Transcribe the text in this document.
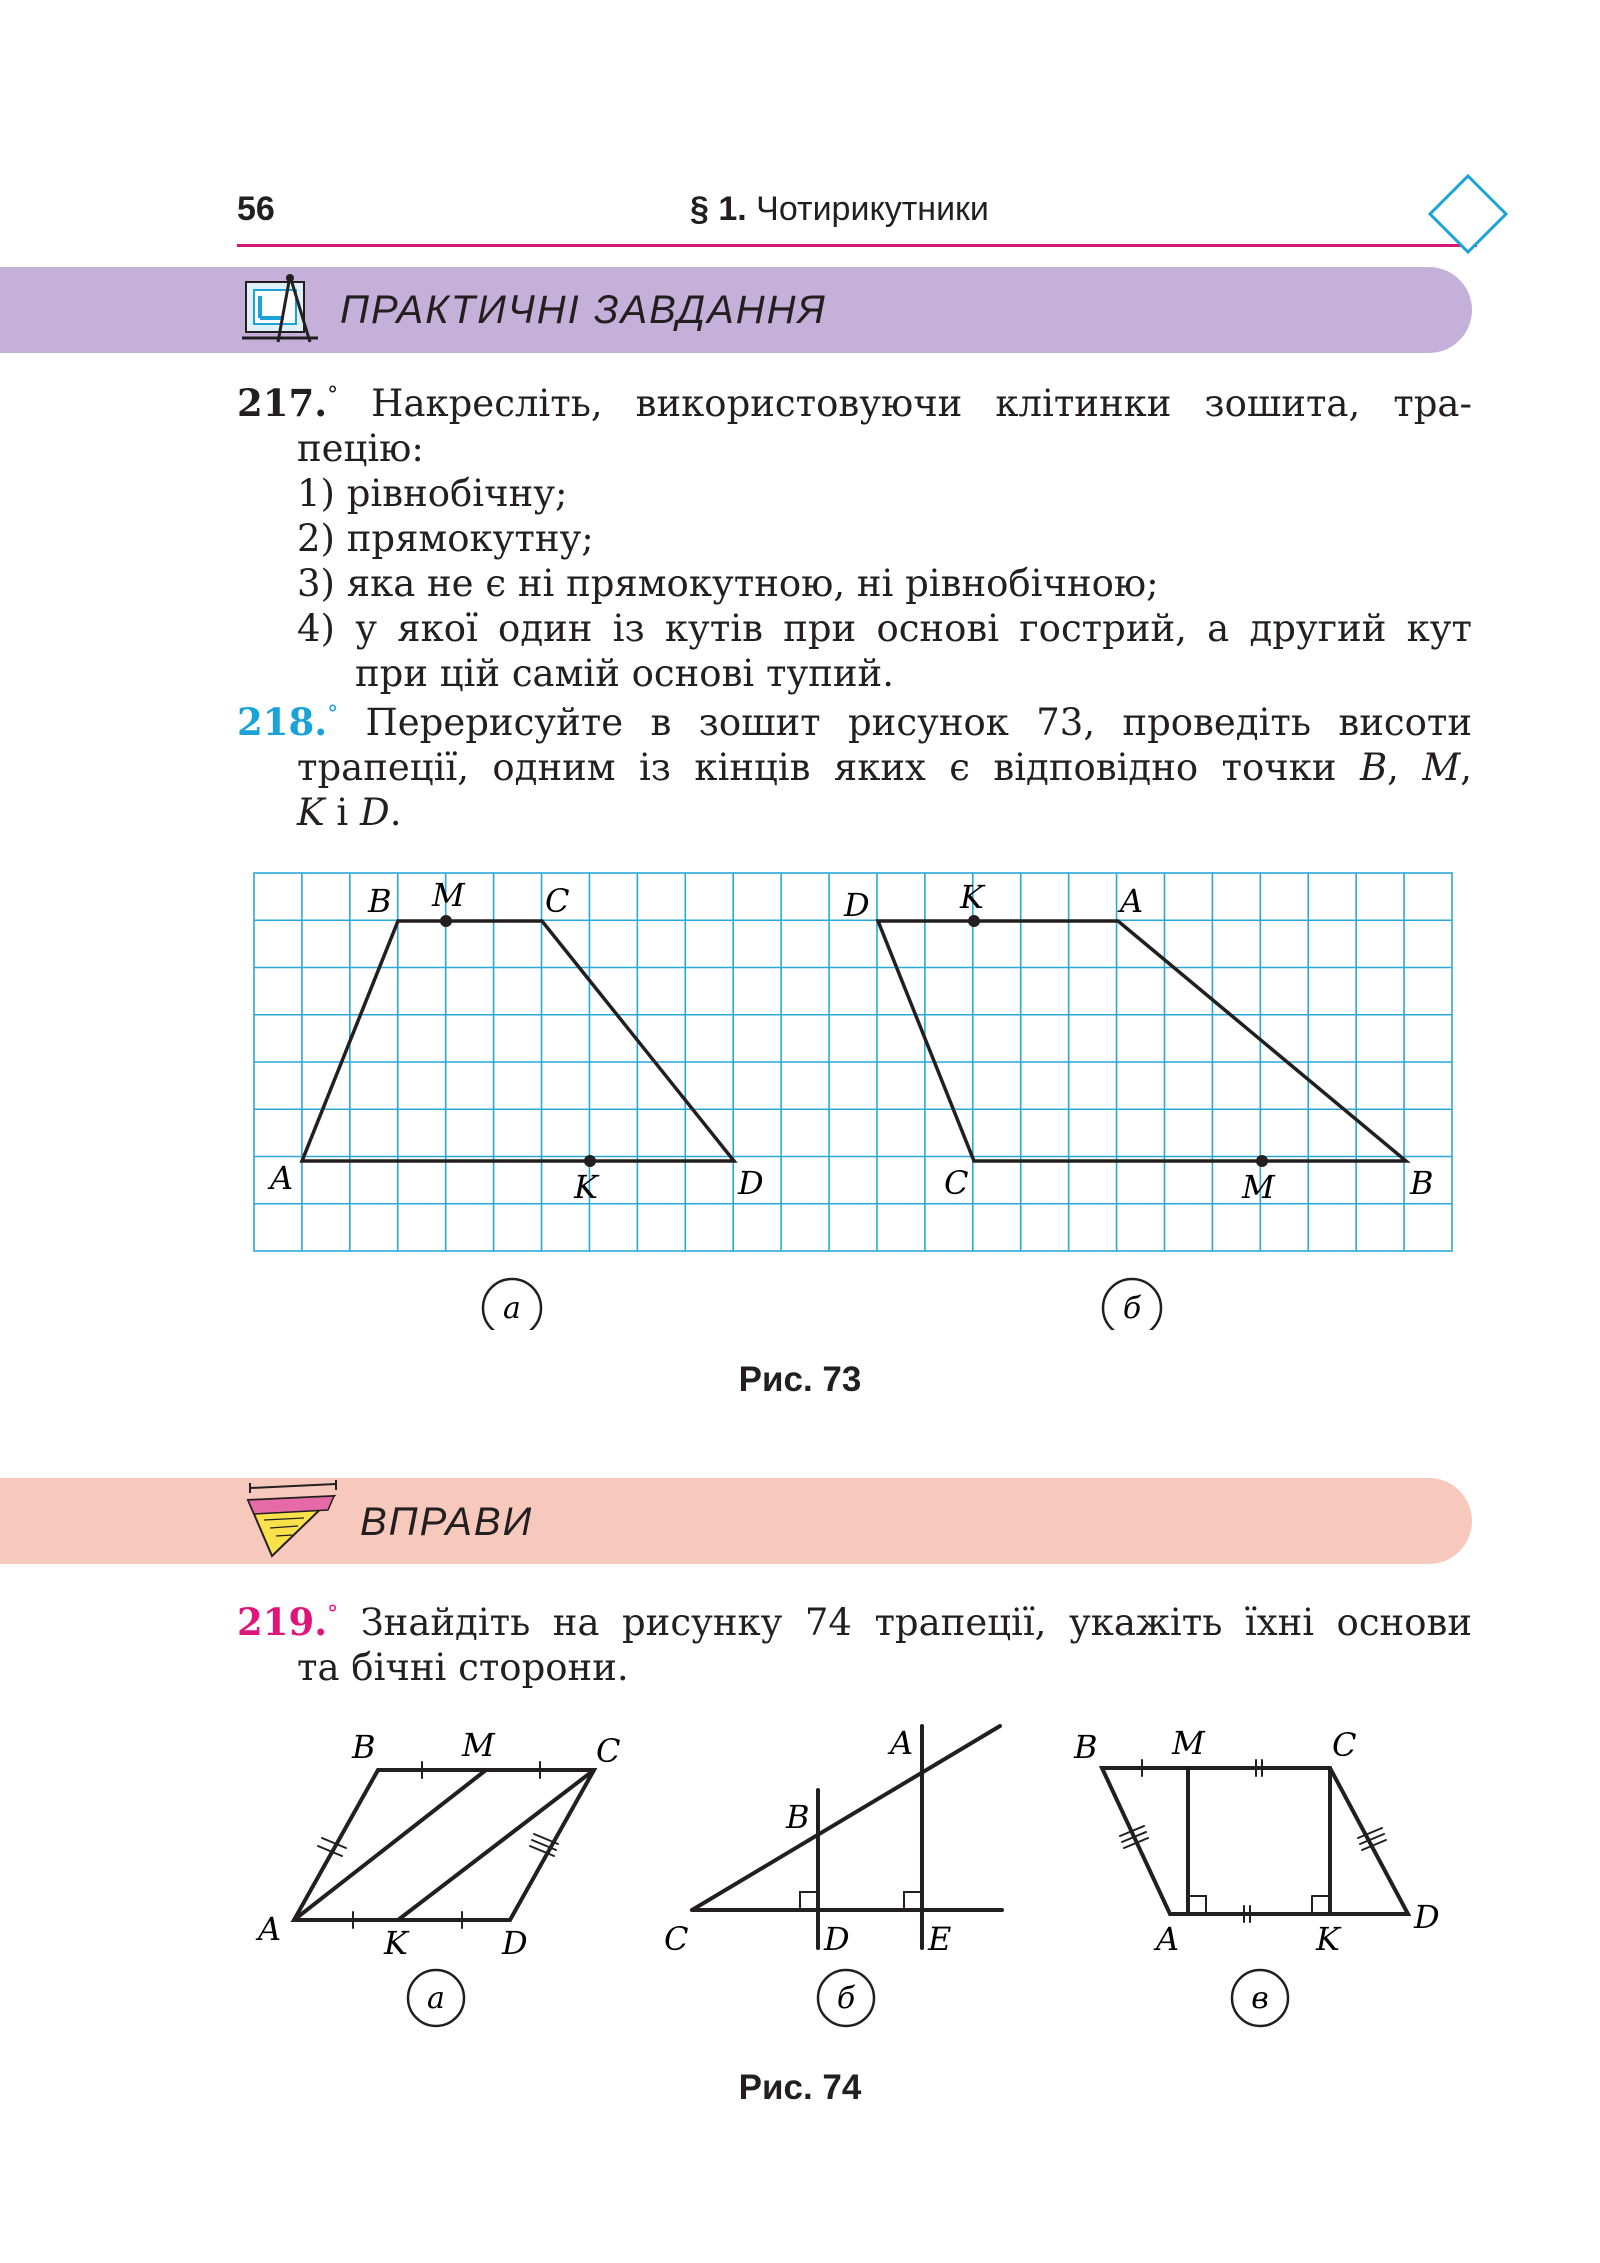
56	§ 1. Чотирикутники
ПРАКТИЧНІ ЗАВДАННЯ

217.° Накресліть, використовуючи клітинки зошита, тра-

пецію:

1) рівнобічну;

2) прямокутну;

3) яка не є ні прямокутною, ні рівнобічною;

4) у якої один із кутів при основі гострий, а другий кут

при цій самій основі тупий.

218.° Перерисуйте в зошит рисунок 73, проведіть висоти

трапеції, одним із кінців яких є відповідно точки B, M,

K і D.

B M	C
A	K	D
D	K	A
C	M	B
а	б
Рис. 73
ВПРАВИ

219.° Знайдіть на рисунку 74 трапеції, укажіть їхні основи

та бічні сторони.

B	M	C
A	K	D
A
B
C	D E
B M	C
A	K
D
а	б	в
Рис. 74
